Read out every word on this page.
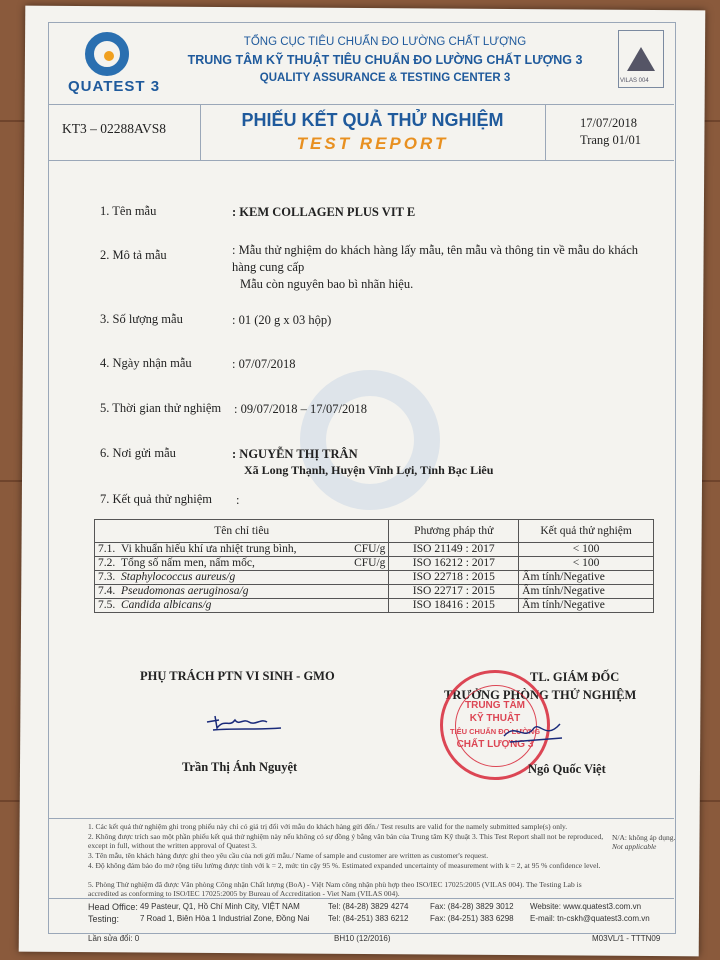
QUATEST 3
TỔNG CỤC TIÊU CHUẨN ĐO LƯỜNG CHẤT LƯỢNG
TRUNG TÂM KỸ THUẬT TIÊU CHUẨN ĐO LƯỜNG CHẤT LƯỢNG 3
QUALITY ASSURANCE & TESTING CENTER 3	VILAS 004
KT3 – 02288AVS8	PHIẾU KẾT QUẢ THỬ NGHIỆM
TEST REPORT
17/07/2018
Trang 01/01
1. Tên mẫu	: KEM COLLAGEN PLUS VIT E
2. Mô tả mẫu	: Mẫu thử nghiệm do khách hàng lấy mẫu, tên mẫu và thông tin về mẫu do khách hàng cung cấp
Mẫu còn nguyên bao bì nhãn hiệu.
3. Số lượng mẫu	: 01 (20 g x 03 hộp)
4. Ngày nhận mẫu	: 07/07/2018
5. Thời gian thử nghiệm : 09/07/2018 – 17/07/2018
6. Nơi gửi mẫu	: NGUYỄN THỊ TRÂN
Xã Long Thạnh, Huyện Vĩnh Lợi, Tỉnh Bạc Liêu
7. Kết quả thử nghiệm :
Tên chỉ tiêu	Phương pháp thử	Kết quả thử nghiệm
7.1. Vi khuẩn hiếu khí ưa nhiệt trung bình, CFU/g	ISO 21149 : 2017	< 100
7.2. Tổng số nấm men, nấm mốc, CFU/g	ISO 16212 : 2017	< 100
7.3. Staphylococcus aureus/g	ISO 22718 : 2015	Âm tính/Negative
7.4. Pseudomonas aeruginosa/g	ISO 22717 : 2015	Âm tính/Negative
7.5. Candida albicans/g	ISO 18416 : 2015	Âm tính/Negative
PHỤ TRÁCH PTN VI SINH - GMO
Trần Thị Ánh Nguyệt
TL. GIÁM ĐỐC
TRƯỞNG PHÒNG THỬ NGHIỆM
TRUNG TÂM
KỸ THUẬT
TIÊU CHUẨN ĐO LƯỜNG
CHẤT LƯỢNG 3
Ngô Quốc Việt
1. Các kết quả thử nghiệm ghi trong phiếu này chỉ có giá trị đối với mẫu do khách hàng gửi đến./ Test results are valid for the namely submitted sample(s) only.
2. Không được trích sao một phần phiếu kết quả thử nghiệm này nếu không có sự đồng ý bằng văn bản của Trung tâm Kỹ thuật 3. This Test Report shall not be reproduced, except in full, without the written approval of Quatest 3.
3. Tên mẫu, tên khách hàng được ghi theo yêu cầu của nơi gửi mẫu./ Name of sample and customer are written as customer's request.
4. Độ không đảm bảo đo mở rộng tiêu lường được tính với k = 2, mức tin cậy 95 %. Estimated expanded uncertainty of measurement with k = 2, at 95 % confidence level.
5. Phòng Thử nghiệm đã được Văn phòng Công nhận Chất lượng (BoA) - Việt Nam công nhận phù hợp theo ISO/IEC 17025:2005 (VILAS 004). The Testing Lab is accredited as conforming to ISO/IEC 17025:2005 by Bureau of Accreditation - Viet Nam (VILAS 004).
N/A: không áp dụng.
Not applicable
Head Office: 49 Pasteur, Q1, Hồ Chí Minh City, VIỆT NAM	Tel: (84-28) 3829 4274	Fax: (84-28) 3829 3012 Website: www.quatest3.com.vn
Testing:	7 Road 1, Biên Hòa 1 Industrial Zone, Đồng Nai Tel: (84-251) 383 6212	Fax: (84-251) 383 6298 E-mail: tn-cskh@quatest3.com.vn
Lần sửa đổi: 0	BH10 (12/2016)	M03VL/1 - TTTN09
